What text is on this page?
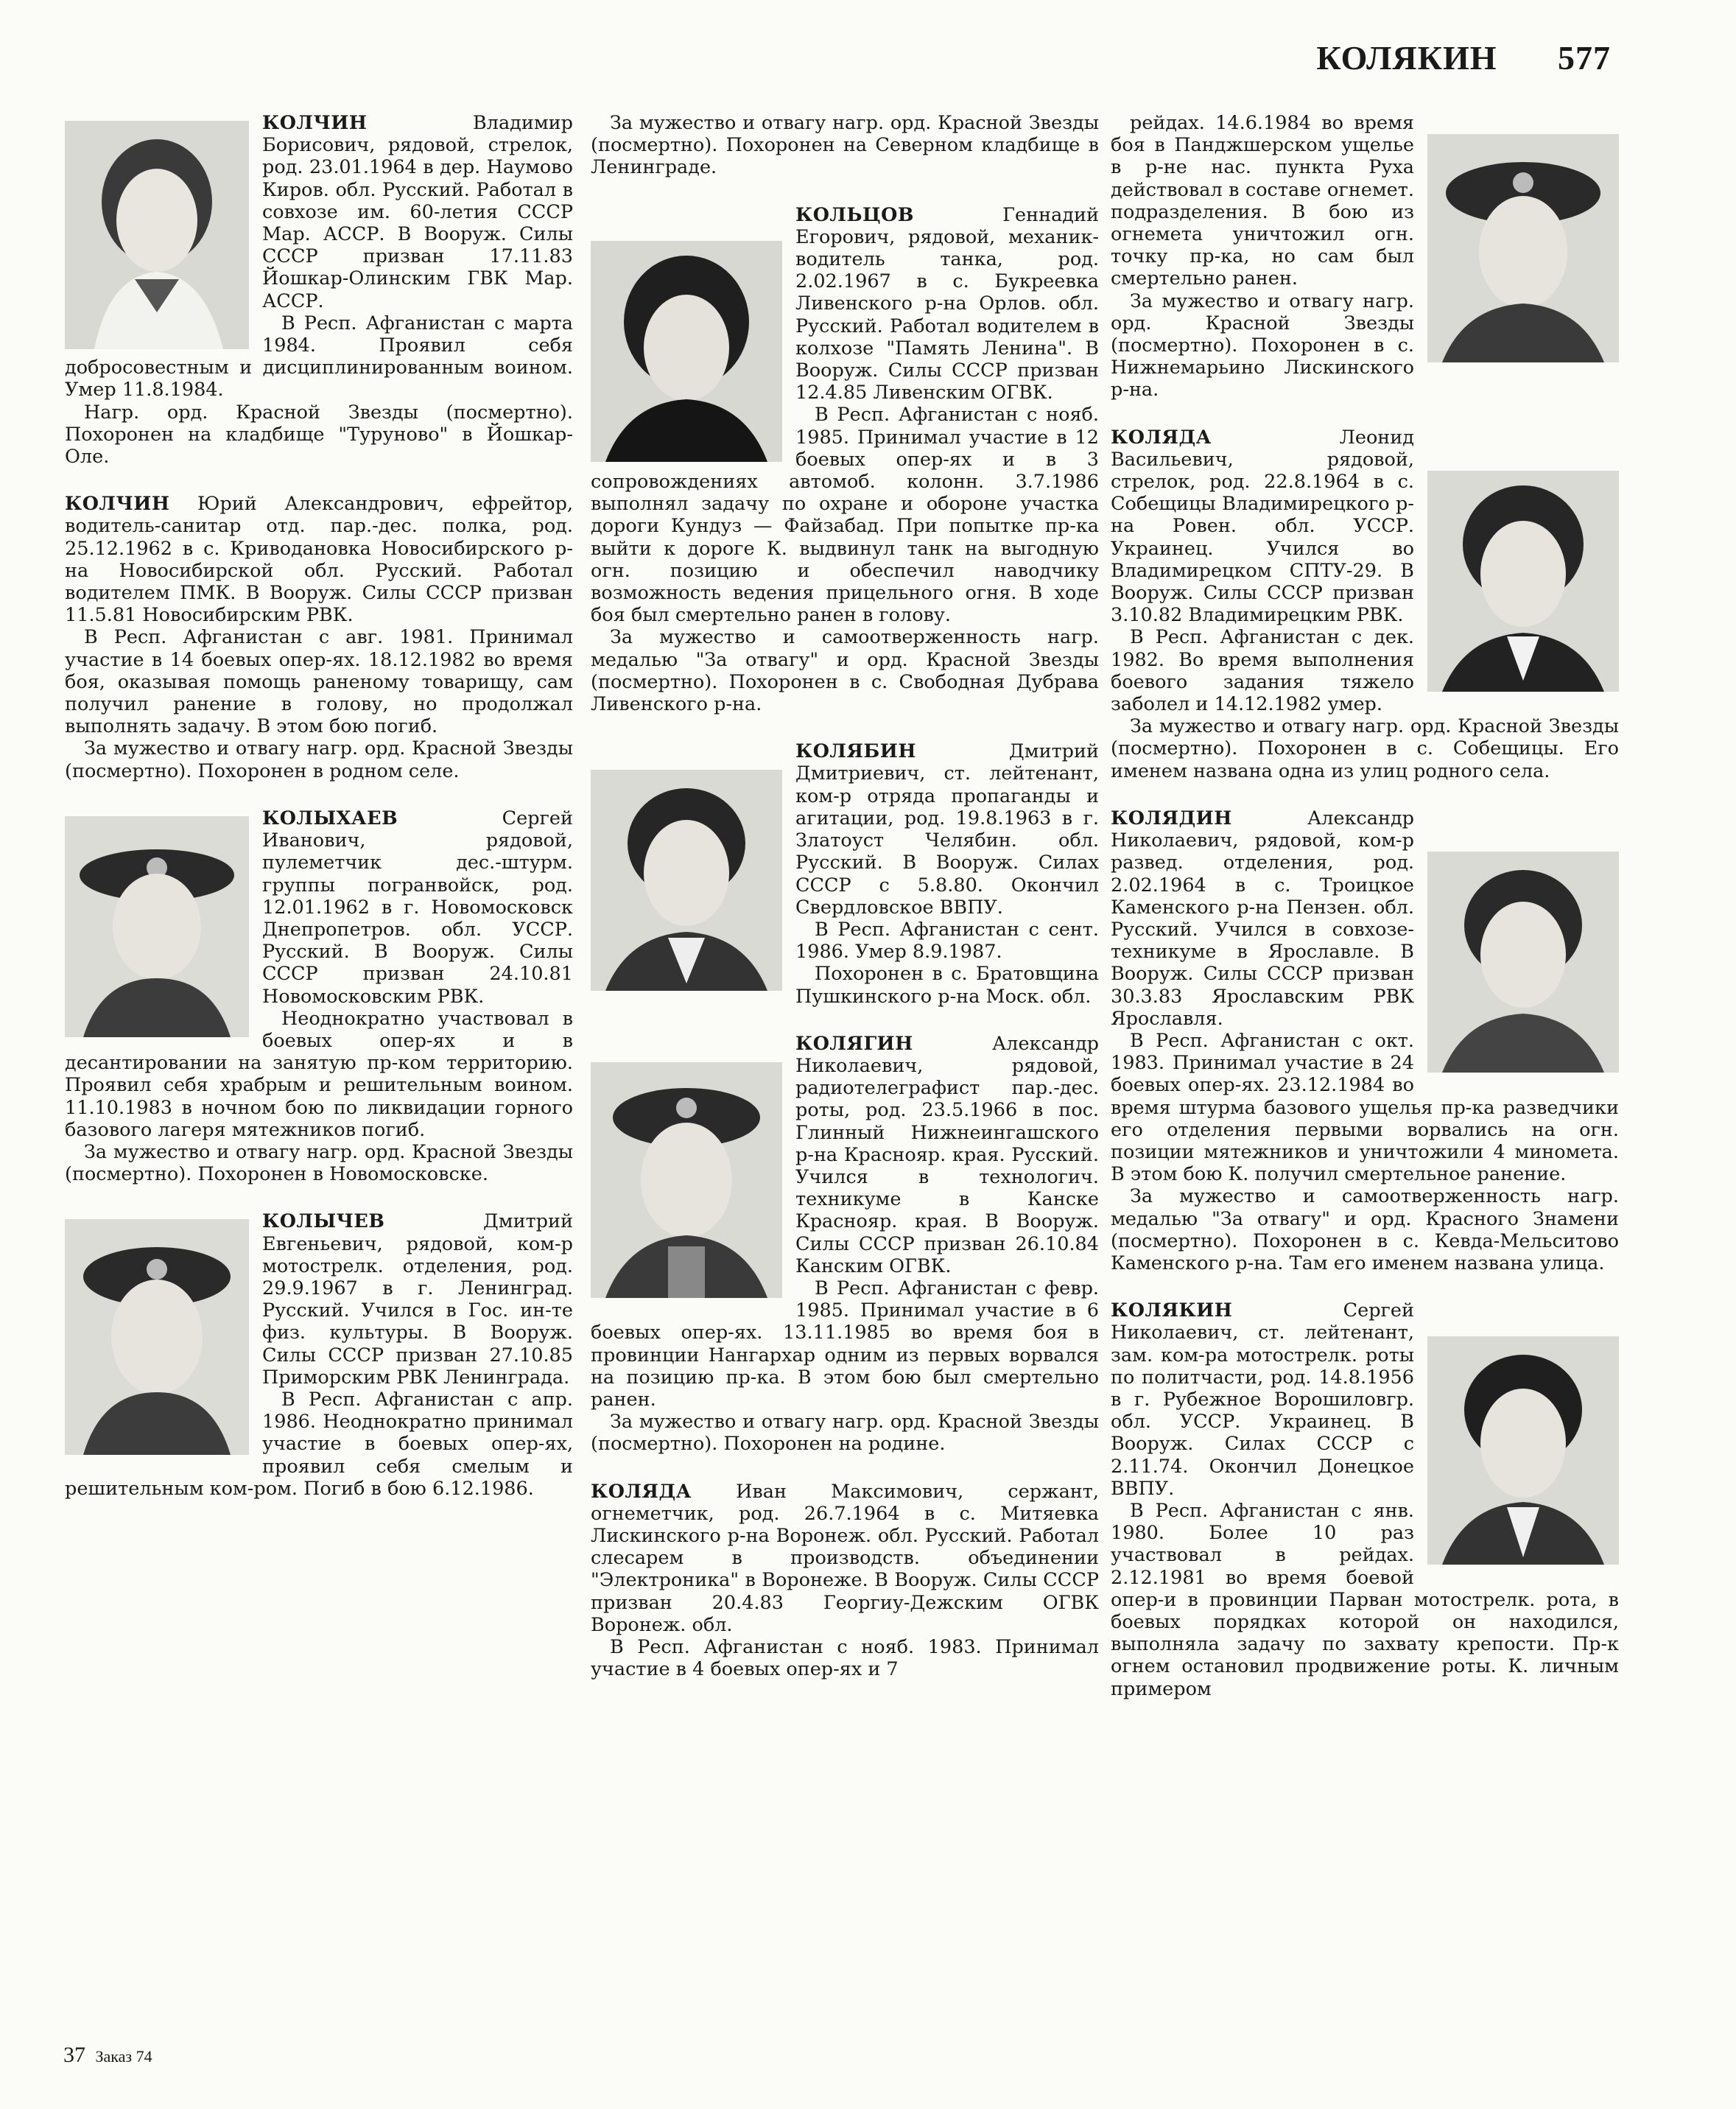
КОЛЯКИН 577

КОЛЧИН	Владимир Борисович, рядовой, стрелок, род. 23.01.1964 в дер. Наумово Киров. обл. Русский. Работал в совхозе им. 60-летия СССР Мар. АССР. В Вооруж. Силы СССР призван 17.11.83 Йошкар-Олинским ГВК Мар. АССР.

В Респ. Афганистан с марта 1984. Проявил себя добросовестным и дисциплинированным воином. Умер 11.8.1984.

Нагр. орд. Красной Звезды (посмертно). Похоронен на кладбище "Туруново" в Йошкар-Оле.

КОЛЧИН Юрий Александрович, ефрейтор, водитель-санитар отд. пар.-дес. полка, род. 25.12.1962 в с. Криводановка Новосибирского р-на Новосибирской обл. Русский. Работал водителем ПМК. В Вооруж. Силы СССР призван 11.5.81 Новосибирским РВК.

В Респ. Афганистан с авг. 1981. Принимал участие в 14 боевых опер-ях. 18.12.1982 во время боя, оказывая помощь раненому товарищу, сам получил ранение в голову, но продолжал выполнять задачу. В этом бою погиб.

За мужество и отвагу нагр. орд. Красной Звезды (посмертно). Похоронен в родном селе.

КОЛЫХАЕВ	Сергей Иванович, рядовой, пулеметчик дес.-штурм. группы погранвойск, род. 12.01.1962 в г. Новомосковск Днепропетров. обл. УССР. Русский. В Вооруж. Силы СССР призван 24.10.81 Новомосковским РВК.

Неоднократно участвовал в боевых опер-ях и в десантировании на занятую пр-ком территорию. Проявил себя храбрым и решительным воином. 11.10.1983 в ночном бою по ликвидации горного базового лагеря мятежников погиб.

За мужество и отвагу нагр. орд. Красной Звезды (посмертно). Похоронен в Новомосковске.

КОЛЫЧЕВ	Дмитрий Евгеньевич, рядовой, ком-р мотострелк. отделения, род. 29.9.1967 в г. Ленинград. Русский. Учился в Гос. ин-те физ. культуры. В Вооруж. Силы СССР призван 27.10.85 Приморским РВК Ленинграда.

В Респ. Афганистан с апр. 1986. Неоднократно принимал участие в боевых опер-ях, проявил себя смелым и решительным ком-ром. Погиб в бою 6.12.1986.

За мужество и отвагу нагр. орд. Красной Звезды (посмертно). Похоронен на Северном кладбище в Ленинграде.

КОЛЬЦОВ	Геннадий Егорович, рядовой, механик-водитель танка, род. 2.02.1967 в с. Букреевка Ливенского р-на Орлов. обл. Русский. Работал водителем в колхозе "Память Ленина". В Вооруж. Силы СССР призван 12.4.85 Ливенским ОГВК.

В Респ. Афганистан с нояб. 1985. Принимал участие в 12 боевых опер-ях и в 3 сопровождениях автомоб. колонн. 3.7.1986 выполнял задачу по охране и обороне участка дороги Кундуз — Файзабад. При попытке пр-ка выйти к дороге К. выдвинул танк на выгодную огн. позицию и обеспечил наводчику возможность ведения прицельного огня. В ходе боя был смертельно ранен в голову.

За мужество и самоотверженность нагр. медалью "За отвагу" и орд. Красной Звезды (посмертно). Похоронен в с. Свободная Дубрава Ливенского р-на.

КОЛЯБИН	Дмитрий Дмитриевич, ст. лейтенант, ком-р отряда пропаганды и агитации, род. 19.8.1963 в г. Златоуст Челябин. обл. Русский. В Вооруж. Силах СССР с 5.8.80. Окончил Свердловское ВВПУ.

В Респ. Афганистан с сент. 1986. Умер 8.9.1987.

Похоронен в с. Братовщина Пушкинского р-на Моск. обл.

КОЛЯГИН	Александр Николаевич, рядовой, радиотелеграфист пар.-дес. роты, род. 23.5.1966 в пос. Глинный Нижнеингашского р-на Краснояр. края. Русский. Учился в технологич. техникуме в Канске Краснояр. края. В Вооруж. Силы СССР призван 26.10.84 Канским ОГВК.

В Респ. Афганистан с февр. 1985. Принимал участие в 6 боевых опер-ях. 13.11.1985 во время боя в провинции Нангархар одним из первых ворвался на позицию пр-ка. В этом бою был смертельно ранен.

За мужество и отвагу нагр. орд. Красной Звезды (посмертно). Похоронен на родине.

КОЛЯДА Иван Максимович, сержант, огнеметчик, род. 26.7.1964 в с. Митяевка Лискинского р-на Воронеж. обл. Русский. Работал слесарем в производств. объединении "Электроника" в Воронеже. В Вооруж. Силы СССР призван 20.4.83 Георгиу-Дежским ОГВК Воронеж. обл.

В Респ. Афганистан с нояб. 1983. Принимал участие в 4 боевых опер-ях и 7

рейдах. 14.6.1984 во время боя в Панджшерском ущелье в р-не нас. пункта Руха действовал в составе огнемет. подразделения. В бою из огнемета уничтожил огн. точку пр-ка, но сам был смертельно ранен.

За мужество и отвагу нагр. орд. Красной Звезды (посмертно). Похоронен в с. Нижнемарьино Лискинского р-на.

КОЛЯДА	Леонид Васильевич, рядовой, стрелок, род. 22.8.1964 в с. Собещицы Владимирецкого р-на Ровен. обл. УССР. Украинец. Учился во Владимирецком СПТУ-29. В Вооруж. Силы СССР призван 3.10.82 Владимирецким РВК.

В Респ. Афганистан с дек. 1982. Во время выполнения боевого задания тяжело заболел и 14.12.1982 умер.

За мужество и отвагу нагр. орд. Красной Звезды (посмертно). Похоронен в с. Собещицы. Его именем названа одна из улиц родного села.

КОЛЯДИН	Александр Николаевич, рядовой, ком-р развед. отделения, род. 2.02.1964 в с. Троицкое Каменского р-на Пензен. обл. Русский. Учился в совхозе-техникуме в Ярославле. В Вооруж. Силы СССР призван 30.3.83 Ярославским РВК Ярославля.

В Респ. Афганистан с окт. 1983. Принимал участие в 24 боевых опер-ях. 23.12.1984 во время штурма базового ущелья пр-ка разведчики его отделения первыми ворвались на огн. позиции мятежников и уничтожили 4 миномета. В этом бою К. получил смертельное ранение.

За мужество и самоотверженность нагр. медалью "За отвагу" и орд. Красного Знамени (посмертно). Похоронен в с. Кевда-Мельситово Каменского р-на. Там его именем названа улица.

КОЛЯКИН	Сергей Николаевич, ст. лейтенант, зам. ком-ра мотострелк. роты по политчасти, род. 14.8.1956 в г. Рубежное Ворошиловгр. обл. УССР. Украинец. В Вооруж. Силах СССР с 2.11.74. Окончил Донецкое ВВПУ.

В Респ. Афганистан с янв. 1980. Более 10 раз участвовал в рейдах. 2.12.1981 во время боевой опер-и в провинции Парван мотострелк. рота, в боевых порядках которой он находился, выполняла задачу по захвату крепости. Пр-к огнем остановил продвижение роты. К. личным примером

37 Заказ 74
